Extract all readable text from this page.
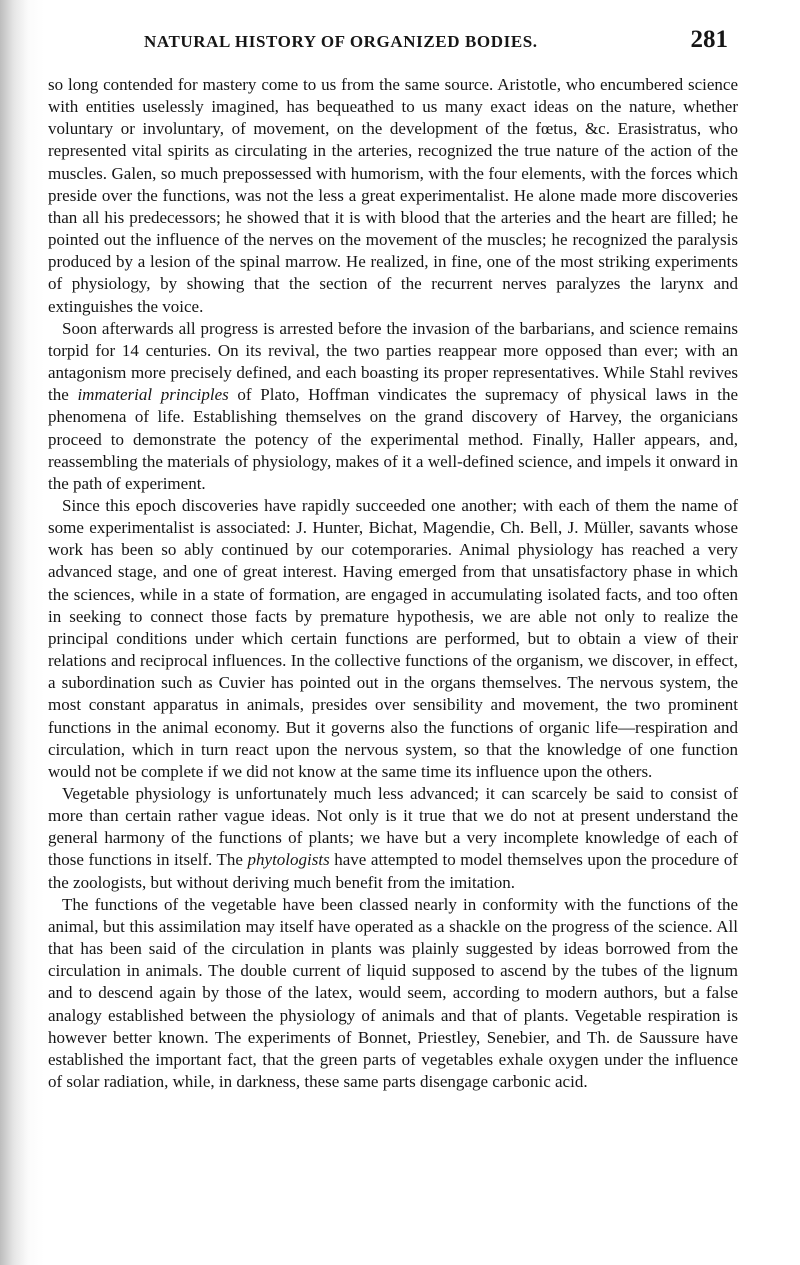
NATURAL HISTORY OF ORGANIZED BODIES.	281

so long contended for mastery come to us from the same source. Aristotle, who encumbered science with entities uselessly imagined, has bequeathed to us many exact ideas on the nature, whether voluntary or involuntary, of movement, on the development of the fœtus, &c. Erasistratus, who represented vital spirits as circulating in the arteries, recognized the true nature of the action of the muscles. Galen, so much prepossessed with humorism, with the four elements, with the forces which preside over the functions, was not the less a great experimentalist. He alone made more discoveries than all his predecessors; he showed that it is with blood that the arteries and the heart are filled; he pointed out the influence of the nerves on the movement of the muscles; he recognized the paralysis produced by a lesion of the spinal marrow. He realized, in fine, one of the most striking experiments of physiology, by showing that the section of the recurrent nerves paralyzes the larynx and extinguishes the voice.

Soon afterwards all progress is arrested before the invasion of the barbarians, and science remains torpid for 14 centuries. On its revival, the two parties reappear more opposed than ever; with an antagonism more precisely defined, and each boasting its proper representatives. While Stahl revives the immaterial principles of Plato, Hoffman vindicates the supremacy of physical laws in the phenomena of life. Establishing themselves on the grand discovery of Harvey, the organicians proceed to demonstrate the potency of the experimental method. Finally, Haller appears, and, reassembling the materials of physiology, makes of it a well-defined science, and impels it onward in the path of experiment.

Since this epoch discoveries have rapidly succeeded one another; with each of them the name of some experimentalist is associated: J. Hunter, Bichat, Magendie, Ch. Bell, J. Müller, savants whose work has been so ably continued by our cotemporaries. Animal physiology has reached a very advanced stage, and one of great interest. Having emerged from that unsatisfactory phase in which the sciences, while in a state of formation, are engaged in accumulating isolated facts, and too often in seeking to connect those facts by premature hypothesis, we are able not only to realize the principal conditions under which certain functions are performed, but to obtain a view of their relations and reciprocal influences. In the collective functions of the organism, we discover, in effect, a subordination such as Cuvier has pointed out in the organs themselves. The nervous system, the most constant apparatus in animals, presides over sensibility and movement, the two prominent functions in the animal economy. But it governs also the functions of organic life—respiration and circulation, which in turn react upon the nervous system, so that the knowledge of one function would not be complete if we did not know at the same time its influence upon the others.

Vegetable physiology is unfortunately much less advanced; it can scarcely be said to consist of more than certain rather vague ideas. Not only is it true that we do not at present understand the general harmony of the functions of plants; we have but a very incomplete knowledge of each of those functions in itself. The phytologists have attempted to model themselves upon the procedure of the zoologists, but without deriving much benefit from the imitation.

The functions of the vegetable have been classed nearly in conformity with the functions of the animal, but this assimilation may itself have operated as a shackle on the progress of the science. All that has been said of the circulation in plants was plainly suggested by ideas borrowed from the circulation in animals. The double current of liquid supposed to ascend by the tubes of the lignum and to descend again by those of the latex, would seem, according to modern authors, but a false analogy established between the physiology of animals and that of plants. Vegetable respiration is however better known. The experiments of Bonnet, Priestley, Senebier, and Th. de Saussure have established the important fact, that the green parts of vegetables exhale oxygen under the influence of solar radiation, while, in darkness, these same parts disengage carbonic acid.
